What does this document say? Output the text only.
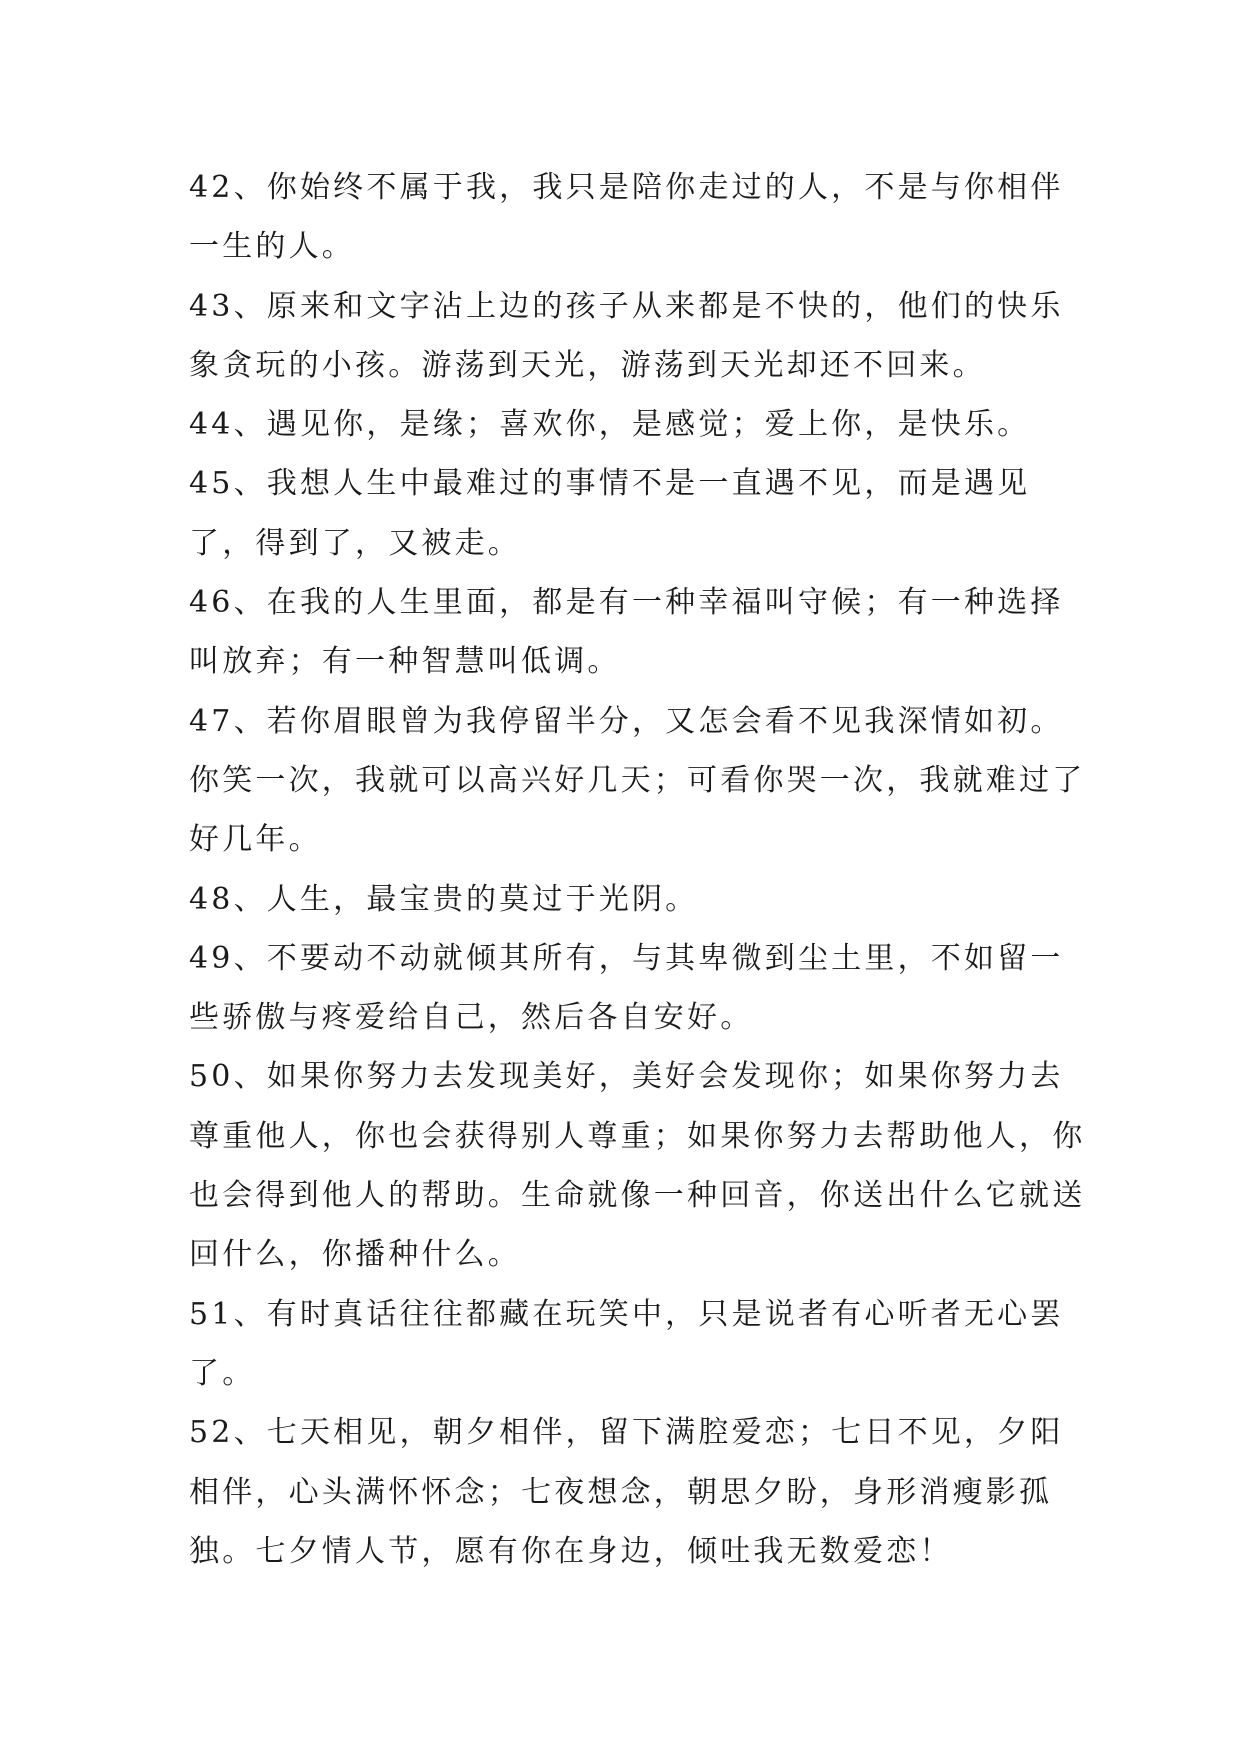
42、你始终不属于我，我只是陪你走过的人，不是与你相伴一生的人。

43、原来和文字沾上边的孩子从来都是不快的，他们的快乐象贪玩的小孩。游荡到天光，游荡到天光却还不回来。

44、遇见你，是缘；喜欢你，是感觉；爱上你，是快乐。

45、我想人生中最难过的事情不是一直遇不见，而是遇见了，得到了，又被走。

46、在我的人生里面，都是有一种幸福叫守候；有一种选择叫放弃；有一种智慧叫低调。

47、若你眉眼曾为我停留半分，又怎会看不见我深情如初。你笑一次，我就可以高兴好几天；可看你哭一次，我就难过了好几年。

48、人生，最宝贵的莫过于光阴。

49、不要动不动就倾其所有，与其卑微到尘土里，不如留一些骄傲与疼爱给自己，然后各自安好。

50、如果你努力去发现美好，美好会发现你；如果你努力去尊重他人，你也会获得别人尊重；如果你努力去帮助他人，你也会得到他人的帮助。生命就像一种回音，你送出什么它就送回什么，你播种什么。

51、有时真话往往都藏在玩笑中，只是说者有心听者无心罢了。

52、七天相见，朝夕相伴，留下满腔爱恋；七日不见，夕阳相伴，心头满怀怀念；七夜想念，朝思夕盼，身形消瘦影孤独。七夕情人节，愿有你在身边，倾吐我无数爱恋！
